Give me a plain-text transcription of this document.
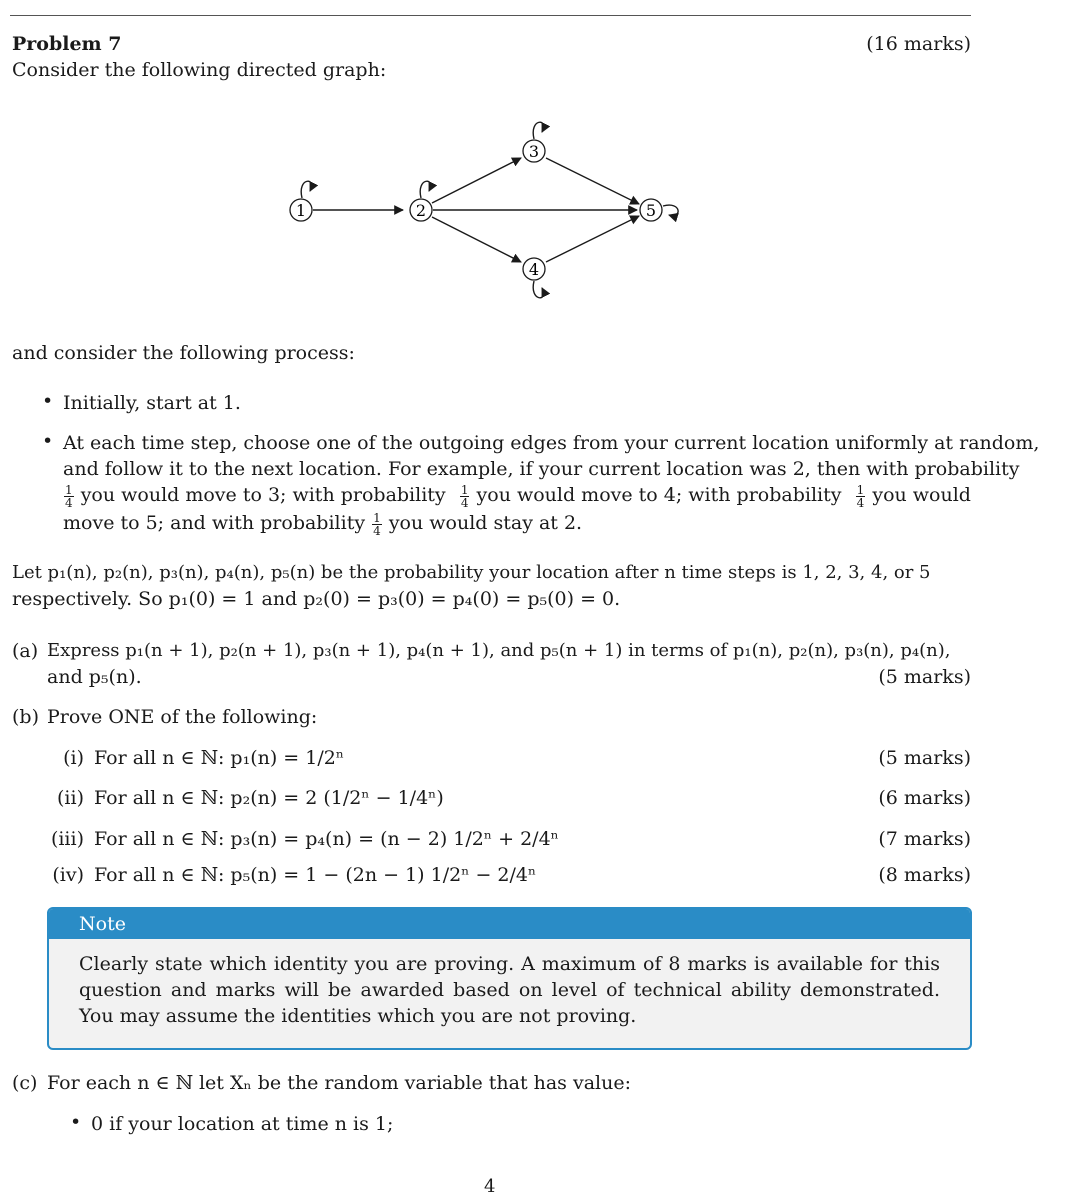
Problem 7	(16 marks)
Consider the following directed graph:
1	2
3
4
5
and consider the following process:
• Initially, start at 1.
• At each time step, choose one of the outgoing edges from your current location uniformly at random,
and follow it to the next location. For example, if your current location was 2, then with probability
$\frac{1}{4}$ you would move to 3; with probability $\frac{1}{4}$ you would move to 4; with probability $\frac{1}{4}$ you would
move to 5; and with probability $\frac{1}{4}$ you would stay at 2.
Let p₁(n), p₂(n), p₃(n), p₄(n), p₅(n) be the probability your location after n time steps is 1, 2, 3, 4, or 5
respectively. So p₁(0) = 1 and p₂(0) = p₃(0) = p₄(0) = p₅(0) = 0.
(a) Express p₁(n + 1), p₂(n + 1), p₃(n + 1), p₄(n + 1), and p₅(n + 1) in terms of p₁(n), p₂(n), p₃(n), p₄(n),
and p₅(n).	(5 marks)
(b) Prove ONE of the following:
(i) For all n ∈ ℕ: p₁(n) = 1/2ⁿ	(5 marks)
(ii) For all n ∈ ℕ: p₂(n) = 2 (1/2ⁿ − 1/4ⁿ)	(6 marks)
(iii) For all n ∈ ℕ: p₃(n) = p₄(n) = (n − 2) 1/2ⁿ + 2/4ⁿ	(7 marks)
(iv) For all n ∈ ℕ: p₅(n) = 1 − (2n − 1) 1/2ⁿ − 2/4ⁿ	(8 marks)
Note
Clearly state which identity you are proving. A maximum of 8 marks is available for this question and marks will be awarded based on level of technical ability demonstrated. You may assume the identities which you are not proving.
(c) For each n ∈ ℕ let Xₙ be the random variable that has value:
• 0 if your location at time n is 1;
4
